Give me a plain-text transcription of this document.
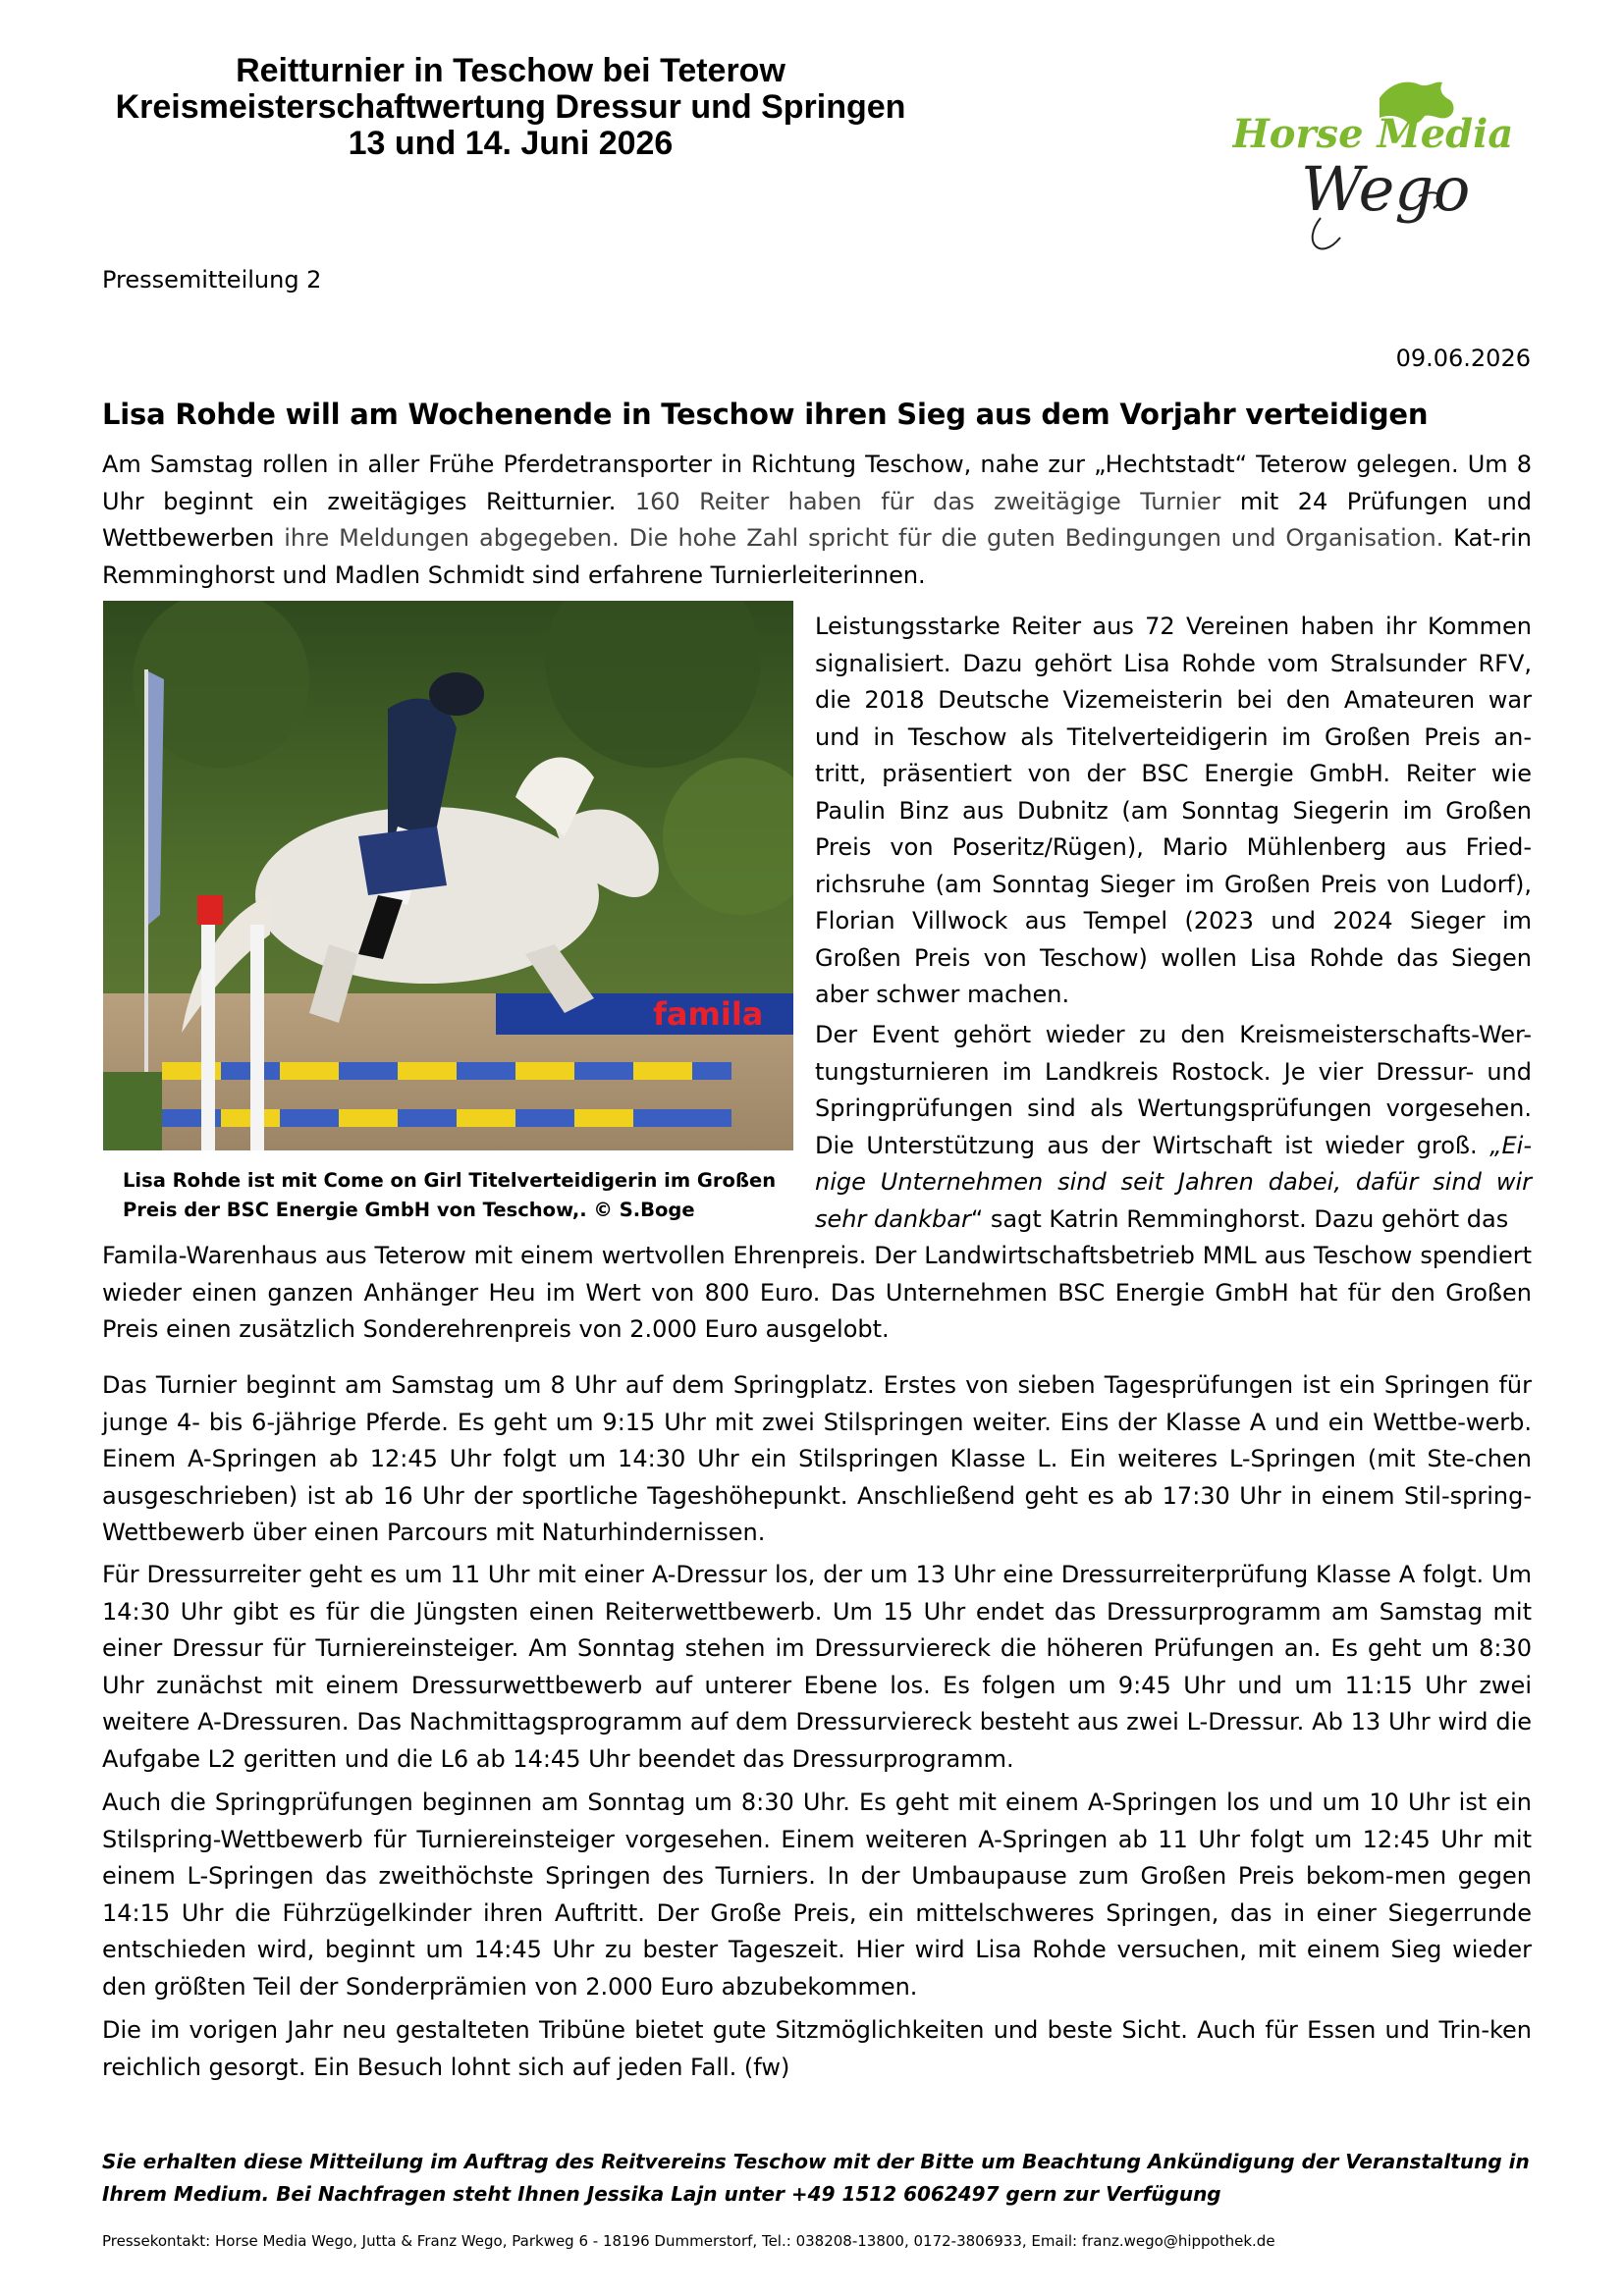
Reitturnier in Teschow bei Teterow
Kreismeisterschaftwertung Dressur und Springen
13 und 14. Juni 2026	Horse Media
Wego
Pressemitteilung 2
09.06.2026
Lisa Rohde will am Wochenende in Teschow ihren Sieg aus dem Vorjahr verteidigen
Am Samstag rollen in aller Frühe Pferdetransporter in Richtung Teschow, nahe zur „Hechtstadt“ Teterow gelegen. Um 8 Uhr beginnt ein zweitägiges Reitturnier. 160 Reiter haben für das zweitägige Turnier mit 24 Prüfungen und Wettbewerben ihre Meldungen abgegeben. Die hohe Zahl spricht für die guten Bedingungen und Organisation. Kat-rin Remminghorst und Madlen Schmidt sind erfahrene Turnierleiterinnen.
famila
Lisa Rohde ist mit Come on Girl Titelverteidigerin im Großen Preis der BSC Energie GmbH von Teschow,. © S.Boge
Leistungsstarke Reiter aus 72 Vereinen haben ihr Kommen signalisiert. Dazu gehört Lisa Rohde vom Stralsunder RFV, die 2018 Deutsche Vizemeisterin bei den Amateuren war und in Teschow als Titelverteidigerin im Großen Preis an-tritt, präsentiert von der BSC Energie GmbH. Reiter wie Paulin Binz aus Dubnitz (am Sonntag Siegerin im Großen Preis von Poseritz/Rügen), Mario Mühlenberg aus Fried-richsruhe (am Sonntag Sieger im Großen Preis von Ludorf), Florian Villwock aus Tempel (2023 und 2024 Sieger im Großen Preis von Teschow) wollen Lisa Rohde das Siegen aber schwer machen.
Der Event gehört wieder zu den Kreismeisterschafts-Wer-tungsturnieren im Landkreis Rostock. Je vier Dressur- und Springprüfungen sind als Wertungsprüfungen vorgesehen. Die Unterstützung aus der Wirtschaft ist wieder groß. „Ei-nige Unternehmen sind seit Jahren dabei, dafür sind wir sehr dankbar“ sagt Katrin Remminghorst. Dazu gehört das
Famila-Warenhaus aus Teterow mit einem wertvollen Ehrenpreis. Der Landwirtschaftsbetrieb MML aus Teschow spendiert wieder einen ganzen Anhänger Heu im Wert von 800 Euro. Das Unternehmen BSC Energie GmbH hat für den Großen Preis einen zusätzlich Sonderehrenpreis von 2.000 Euro ausgelobt.
Das Turnier beginnt am Samstag um 8 Uhr auf dem Springplatz. Erstes von sieben Tagesprüfungen ist ein Springen für junge 4- bis 6-jährige Pferde. Es geht um 9:15 Uhr mit zwei Stilspringen weiter. Eins der Klasse A und ein Wettbe-werb. Einem A-Springen ab 12:45 Uhr folgt um 14:30 Uhr ein Stilspringen Klasse L. Ein weiteres L-Springen (mit Ste-chen ausgeschrieben) ist ab 16 Uhr der sportliche Tageshöhepunkt. Anschließend geht es ab 17:30 Uhr in einem Stil-spring-Wettbewerb über einen Parcours mit Naturhindernissen.
Für Dressurreiter geht es um 11 Uhr mit einer A-Dressur los, der um 13 Uhr eine Dressurreiterprüfung Klasse A folgt. Um 14:30 Uhr gibt es für die Jüngsten einen Reiterwettbewerb. Um 15 Uhr endet das Dressurprogramm am Samstag mit einer Dressur für Turniereinsteiger. Am Sonntag stehen im Dressurviereck die höheren Prüfungen an. Es geht um 8:30 Uhr zunächst mit einem Dressurwettbewerb auf unterer Ebene los. Es folgen um 9:45 Uhr und um 11:15 Uhr zwei weitere A-Dressuren. Das Nachmittagsprogramm auf dem Dressurviereck besteht aus zwei L-Dressur. Ab 13 Uhr wird die Aufgabe L2 geritten und die L6 ab 14:45 Uhr beendet das Dressurprogramm.
Auch die Springprüfungen beginnen am Sonntag um 8:30 Uhr. Es geht mit einem A-Springen los und um 10 Uhr ist ein Stilspring-Wettbewerb für Turniereinsteiger vorgesehen. Einem weiteren A-Springen ab 11 Uhr folgt um 12:45 Uhr mit einem L-Springen das zweithöchste Springen des Turniers. In der Umbaupause zum Großen Preis bekom-men gegen 14:15 Uhr die Führzügelkinder ihren Auftritt. Der Große Preis, ein mittelschweres Springen, das in einer Siegerrunde entschieden wird, beginnt um 14:45 Uhr zu bester Tageszeit. Hier wird Lisa Rohde versuchen, mit einem Sieg wieder den größten Teil der Sonderprämien von 2.000 Euro abzubekommen.
Die im vorigen Jahr neu gestalteten Tribüne bietet gute Sitzmöglichkeiten und beste Sicht. Auch für Essen und Trin-ken reichlich gesorgt. Ein Besuch lohnt sich auf jeden Fall. (fw)
Sie erhalten diese Mitteilung im Auftrag des Reitvereins Teschow mit der Bitte um Beachtung Ankündigung der Veranstaltung in Ihrem Medium. Bei Nachfragen steht Ihnen Jessika Lajn unter +49 1512 6062497 gern zur Verfügung
Pressekontakt: Horse Media Wego, Jutta & Franz Wego, Parkweg 6 - 18196 Dummerstorf, Tel.: 038208-13800, 0172-3806933, Email: franz.wego@hippothek.de
